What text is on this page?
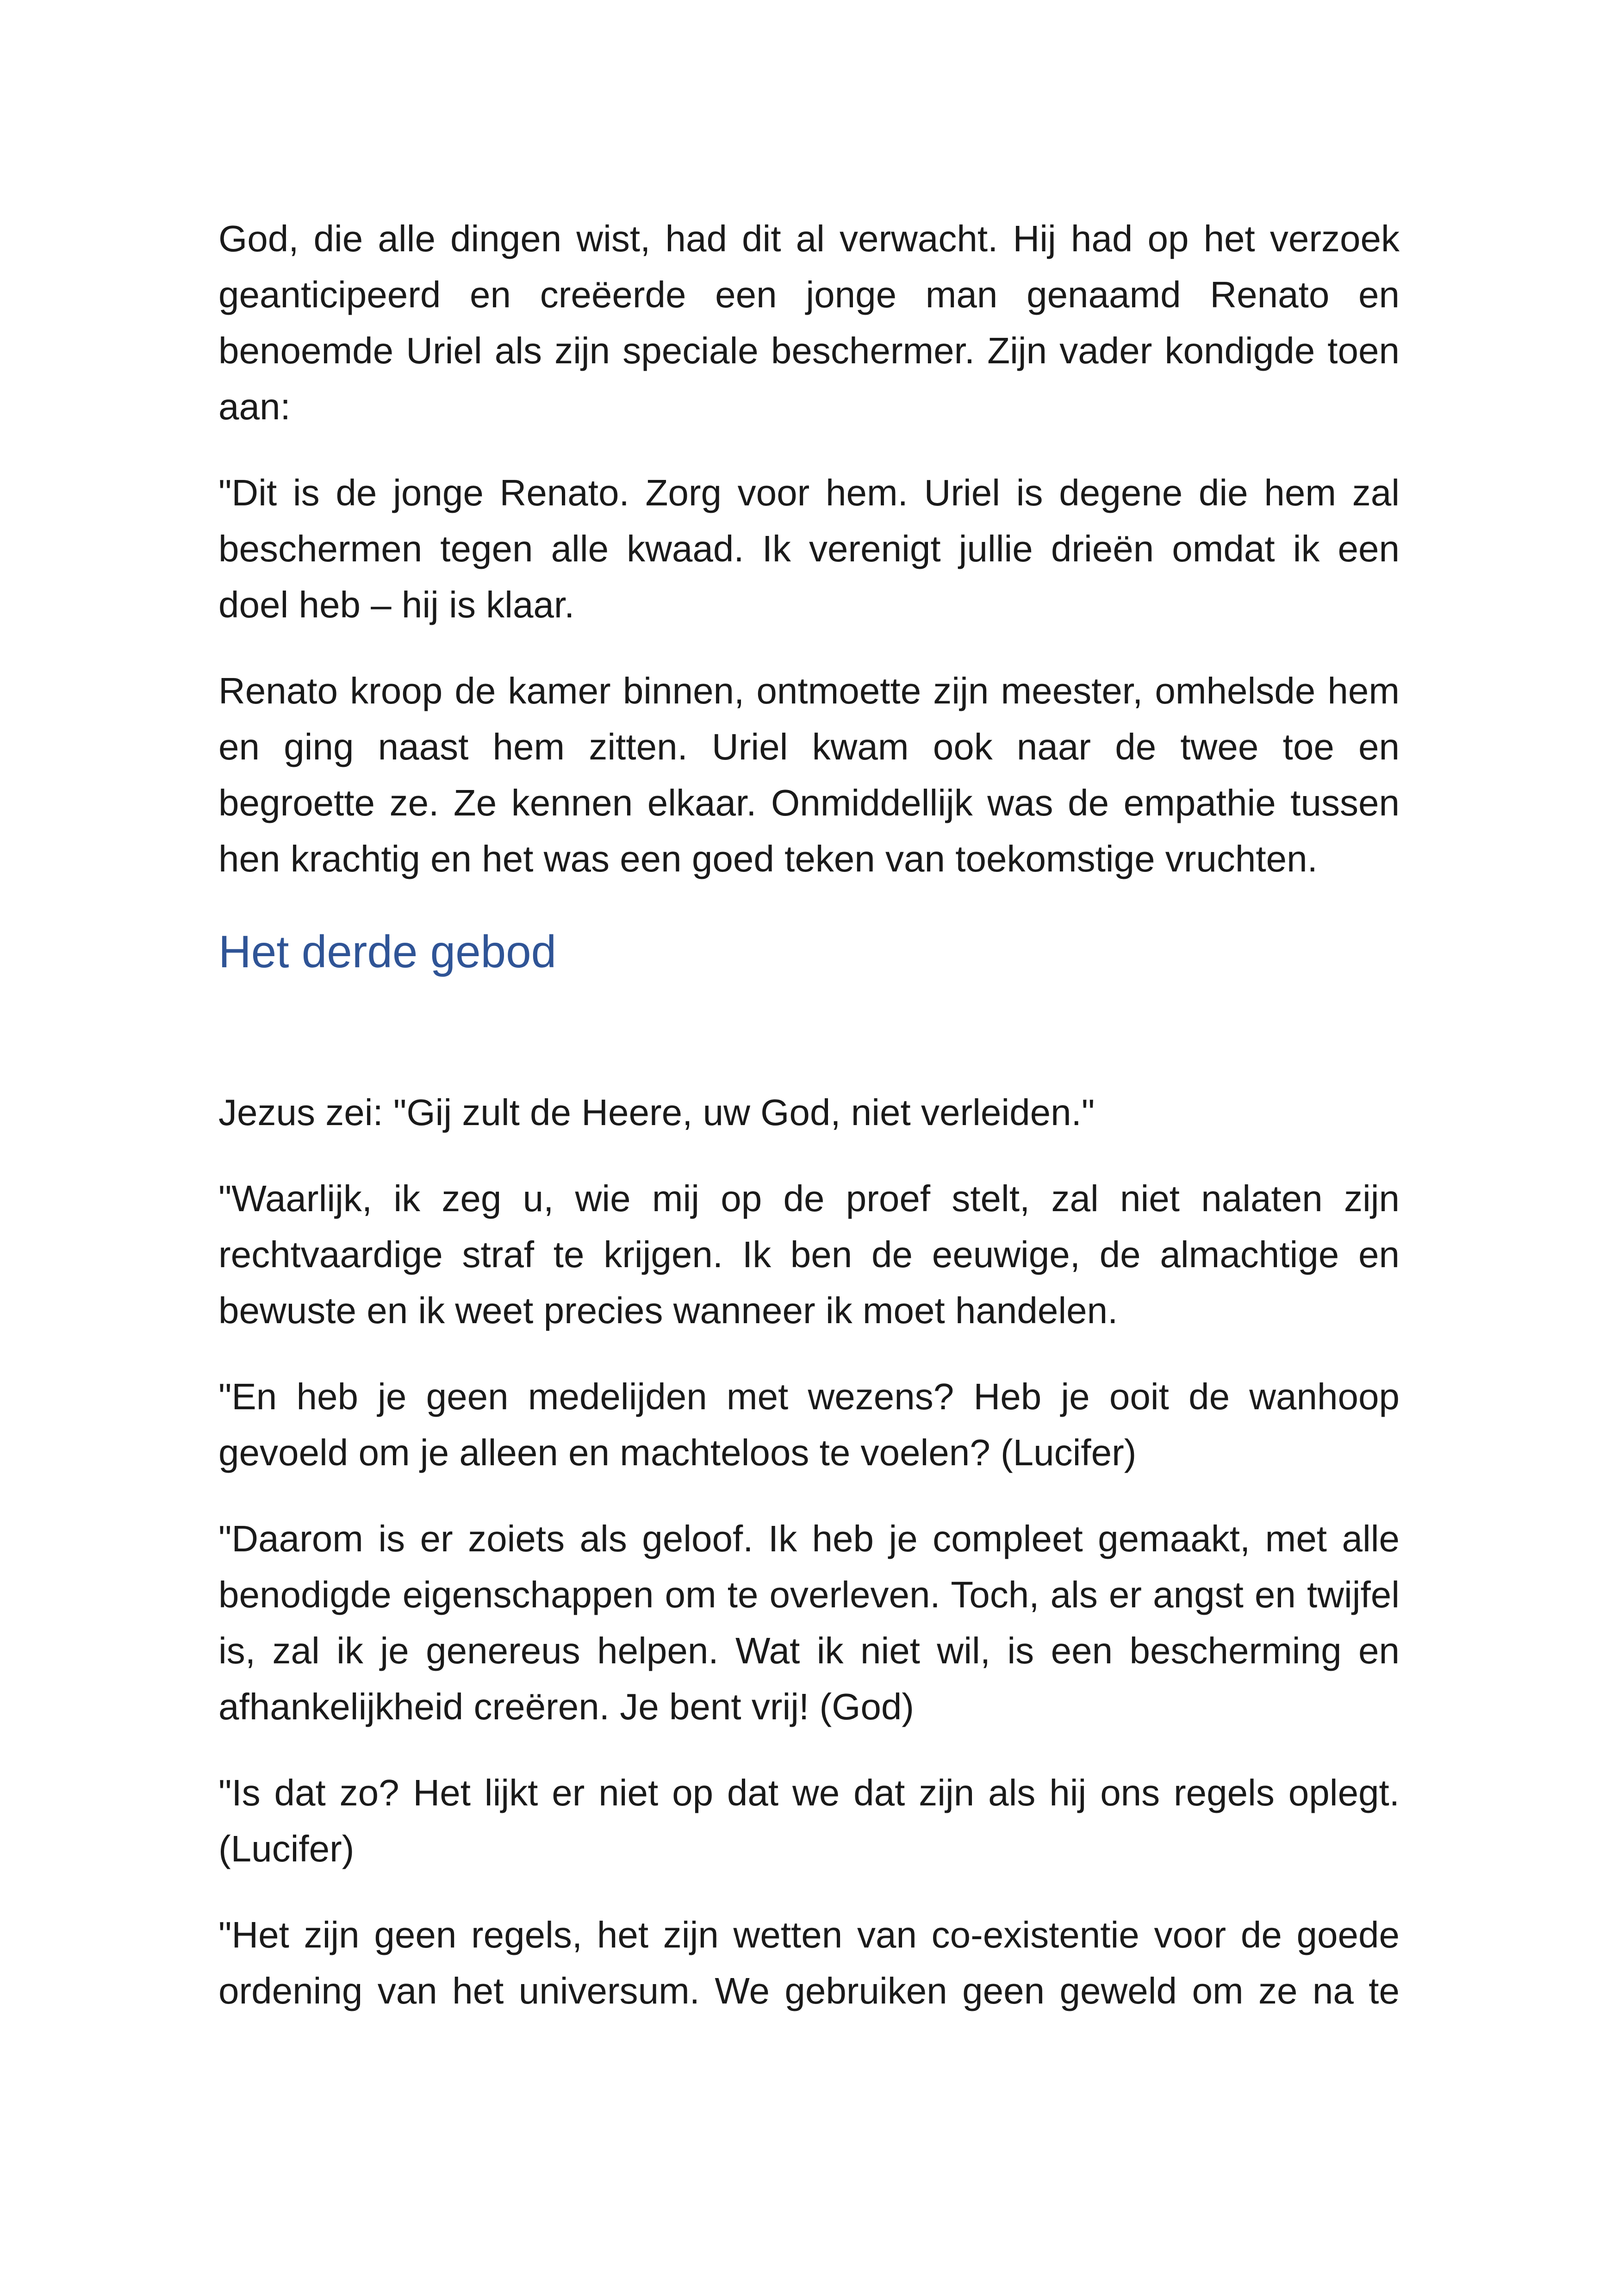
God, die alle dingen wist, had dit al verwacht. Hij had op het verzoek geanticipeerd en creëerde een jonge man genaamd Renato en benoemde Uriel als zijn speciale beschermer. Zijn vader kondigde toen aan:

"Dit is de jonge Renato. Zorg voor hem. Uriel is degene die hem zal beschermen tegen alle kwaad. Ik verenigt jullie drieën omdat ik een doel heb – hij is klaar.

Renato kroop de kamer binnen, ontmoette zijn meester, omhelsde hem en ging naast hem zitten. Uriel kwam ook naar de twee toe en begroette ze. Ze kennen elkaar. Onmiddellijk was de empathie tussen hen krachtig en het was een goed teken van toekomstige vruchten.

Het derde gebod

Jezus zei: "Gij zult de Heere, uw God, niet verleiden."

"Waarlijk, ik zeg u, wie mij op de proef stelt, zal niet nalaten zijn rechtvaardige straf te krijgen. Ik ben de eeuwige, de almachtige en bewuste en ik weet precies wanneer ik moet handelen.

"En heb je geen medelijden met wezens? Heb je ooit de wanhoop gevoeld om je alleen en machteloos te voelen? (Lucifer)

"Daarom is er zoiets als geloof. Ik heb je compleet gemaakt, met alle benodigde eigenschappen om te overleven. Toch, als er angst en twijfel is, zal ik je genereus helpen. Wat ik niet wil, is een bescherming en afhankelijkheid creëren. Je bent vrij! (God)

"Is dat zo? Het lijkt er niet op dat we dat zijn als hij ons regels oplegt. (Lucifer)

"Het zijn geen regels, het zijn wetten van co-existentie voor de goede ordening van het universum. We gebruiken geen geweld om ze na te
